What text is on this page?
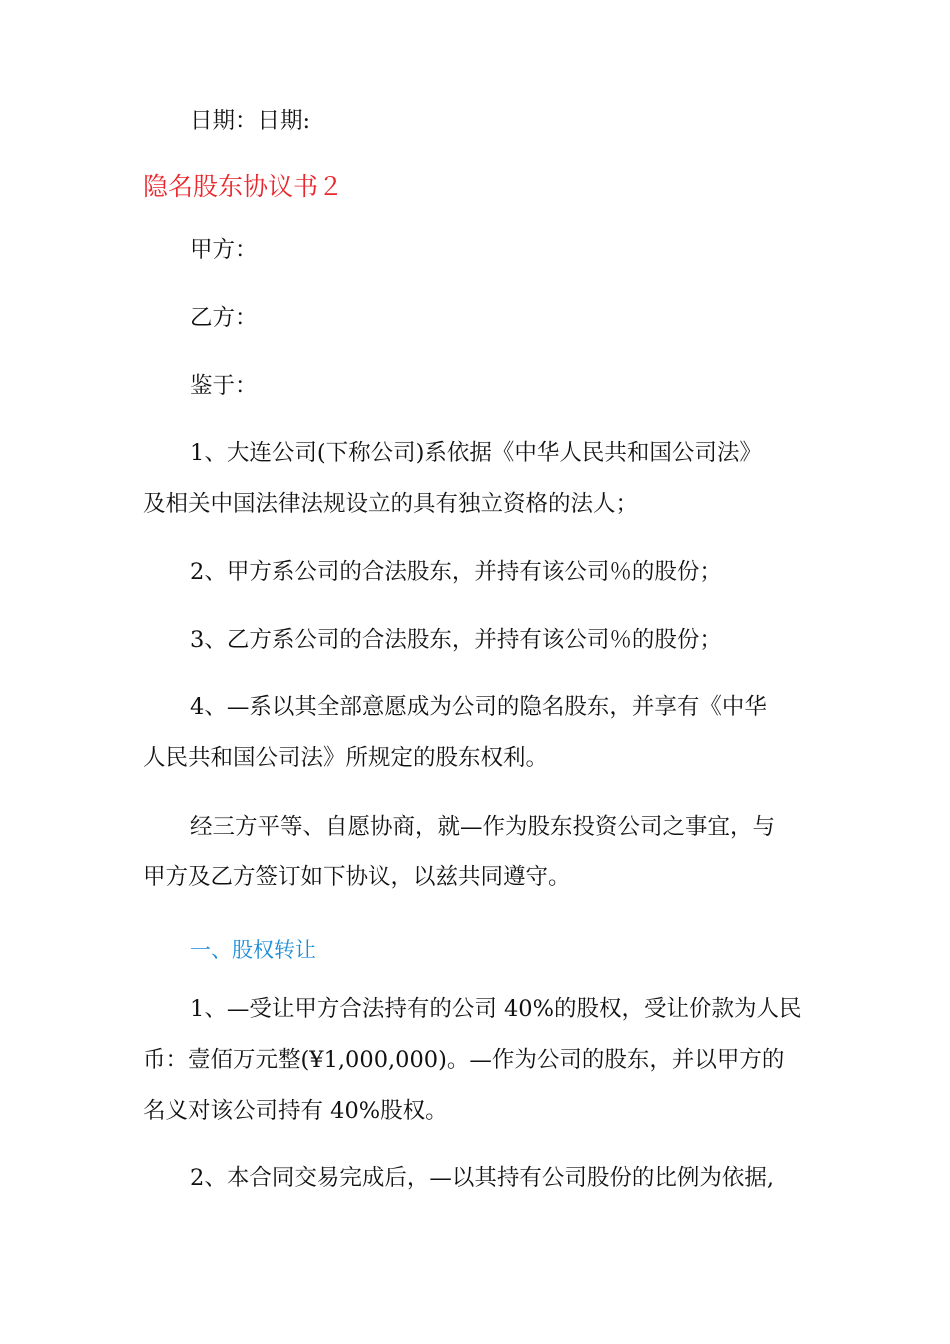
日期：日期:
隐名股东协议书２
甲方：
乙方：
鉴于：
1、大连公司(下称公司)系依据《中华人民共和国公司法》
及相关中国法律法规设立的具有独立资格的法人；
2、甲方系公司的合法股东，并持有该公司％的股份；
3、乙方系公司的合法股东，并持有该公司％的股份；
4、—系以其全部意愿成为公司的隐名股东，并享有《中华
人民共和国公司法》所规定的股东权利。
经三方平等、自愿协商，就—作为股东投资公司之事宜，与
甲方及乙方签订如下协议，以兹共同遵守。
一、股权转让
1、—受让甲方合法持有的公司 40%的股权，受让价款为人民
币：壹佰万元整(¥1,000,000)。—作为公司的股东，并以甲方的
名义对该公司持有 40%股权。
2、本合同交易完成后，—以其持有公司股份的比例为依据,
